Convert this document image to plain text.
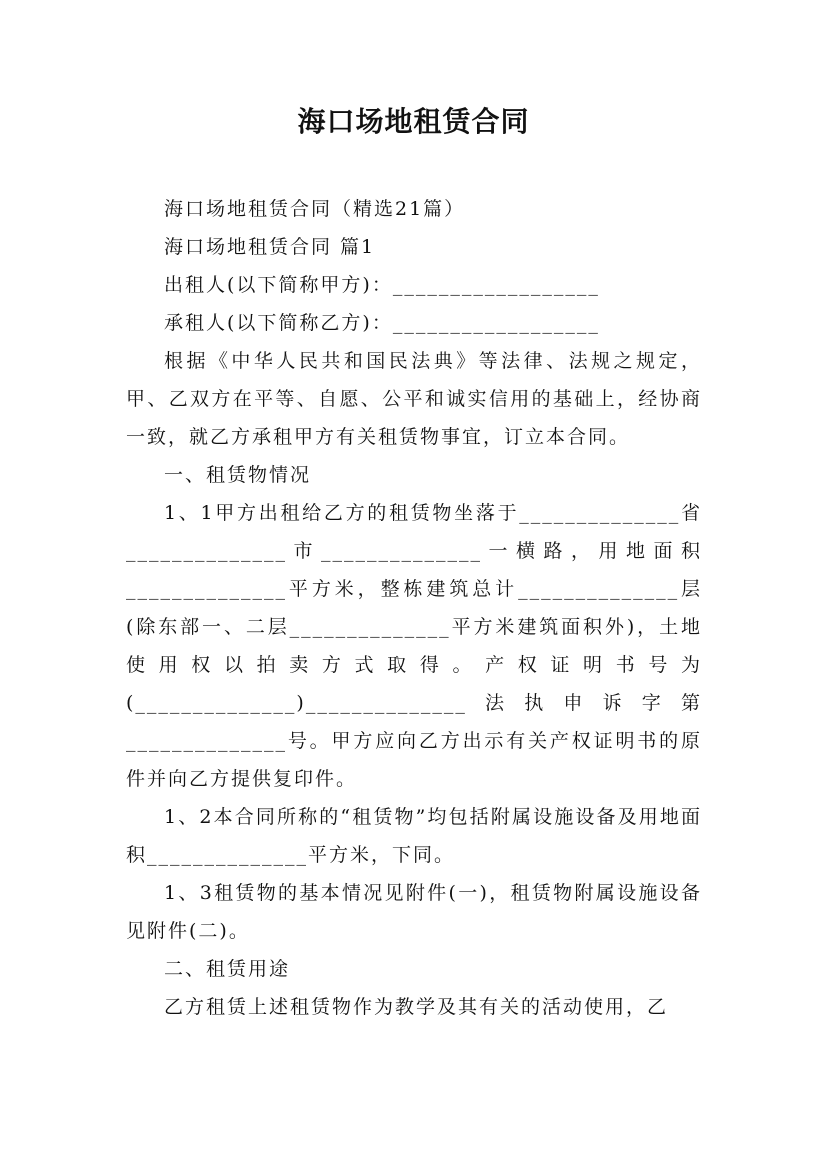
海口场地租赁合同

海口场地租赁合同（精选21篇）

海口场地租赁合同 篇1

出租人(以下简称甲方)：__________________

承租人(以下简称乙方)：__________________

根据《中华人民共和国民法典》等法律、法规之规定，甲、乙双方在平等、自愿、公平和诚实信用的基础上，经协商一致，就乙方承租甲方有关租赁物事宜，订立本合同。

一、租赁物情况

1、1甲方出租给乙方的租赁物坐落于______________省______________市______________一横路，用地面积______________平方米，整栋建筑总计______________层(除东部一、二层______________平方米建筑面积外)，土地使用权以拍卖方式取得。产权证明书号为(______________)______________法执申诉字第______________号。甲方应向乙方出示有关产权证明书的原件并向乙方提供复印件。

1、2本合同所称的“租赁物”均包括附属设施设备及用地面积______________平方米，下同。

1、3租赁物的基本情况见附件(一)，租赁物附属设施设备见附件(二)。

二、租赁用途

乙方租赁上述租赁物作为教学及其有关的活动使用，乙
